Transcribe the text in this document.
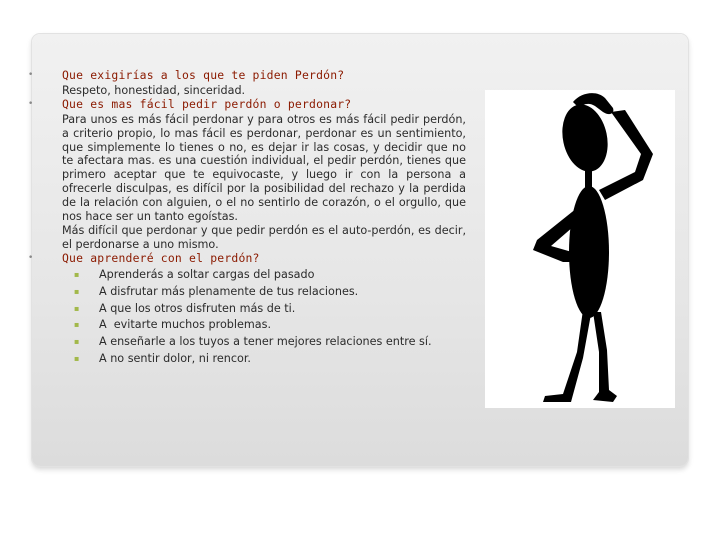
•	Que exigirías a los que te piden Perdón?
Respeto, honestidad, sinceridad.
•	Que es mas fácil pedir perdón o perdonar?
Para unos es más fácil perdonar y para otros es más fácil pedir perdón, a criterio propio, lo mas fácil es perdonar, perdonar es un sentimiento, que simplemente lo tienes o no, es dejar ir las cosas, y decidir que no te afectara mas. es una cuestión individual, el pedir perdón, tienes que primero aceptar que te equivocaste, y luego ir con la persona a ofrecerle disculpas, es difícil por la posibilidad del rechazo y la perdida de la relación con alguien, o el no sentirlo de corazón, o el orgullo, que nos hace ser un tanto egoístas.
Más difícil que perdonar y que pedir perdón es el auto-perdón, es decir, el perdonarse a uno mismo.
•	Que aprenderé con el perdón?
▪ Aprenderás a soltar cargas del pasado
▪ A disfrutar más plenamente de tus relaciones.
▪ A que los otros disfruten más de ti.
▪ A  evitarte muchos problemas.
▪ A enseñarle a los tuyos a tener mejores relaciones entre sí.
▪ A no sentir dolor, ni rencor.
